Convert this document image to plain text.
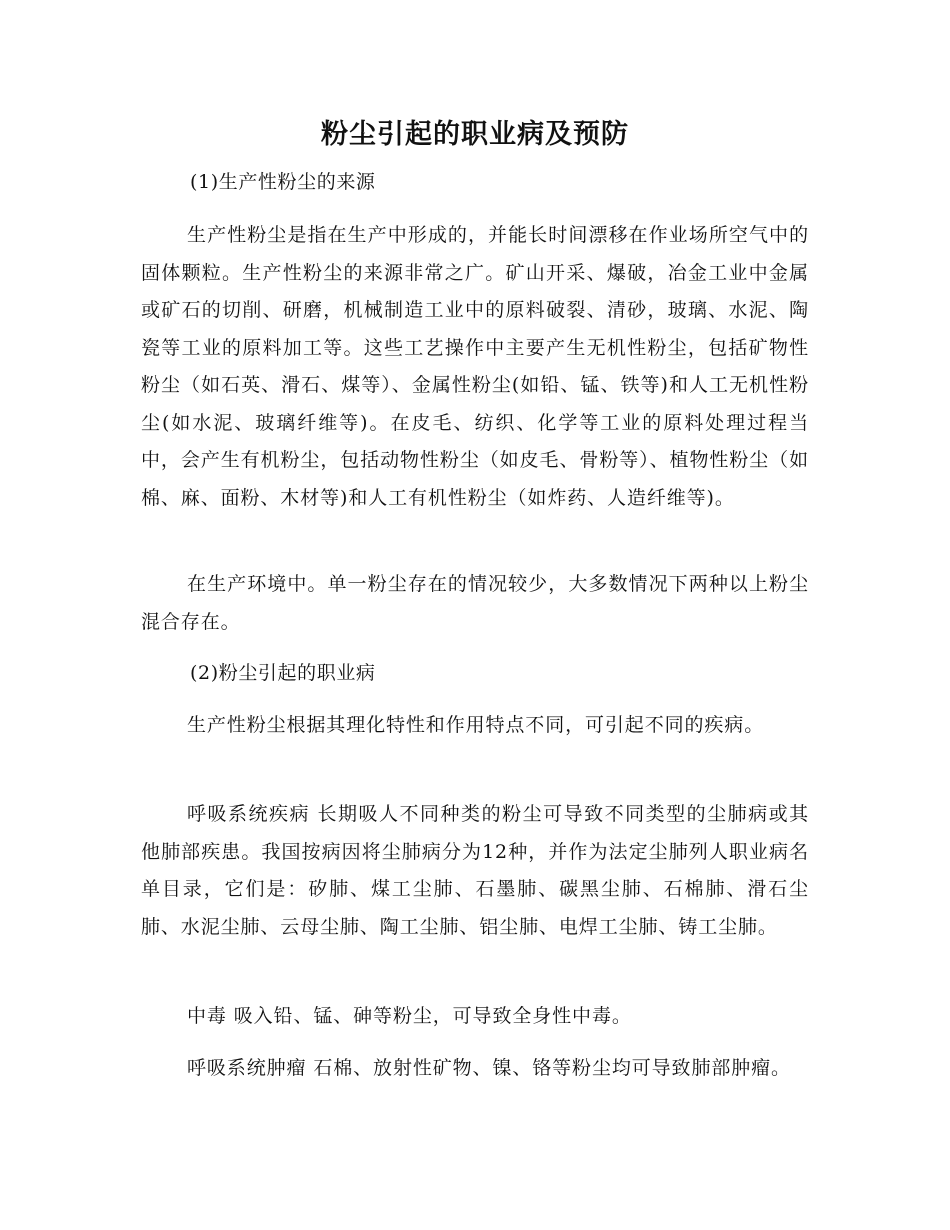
粉尘引起的职业病及预防

(1)生产性粉尘的来源

生产性粉尘是指在生产中形成的，并能长时间漂移在作业场所空气中的固体颗粒。生产性粉尘的来源非常之广。矿山开采、爆破，冶金工业中金属或矿石的切削、研磨，机械制造工业中的原料破裂、清砂，玻璃、水泥、陶瓷等工业的原料加工等。这些工艺操作中主要产生无机性粉尘，包括矿物性粉尘（如石英、滑石、煤等）、金属性粉尘(如铅、锰、铁等)和人工无机性粉尘(如水泥、玻璃纤维等)。在皮毛、纺织、化学等工业的原料处理过程当中，会产生有机粉尘，包括动物性粉尘（如皮毛、骨粉等）、植物性粉尘（如棉、麻、面粉、木材等)和人工有机性粉尘（如炸药、人造纤维等)。

在生产环境中。单一粉尘存在的情况较少，大多数情况下两种以上粉尘混合存在。

(2)粉尘引起的职业病

生产性粉尘根据其理化特性和作用特点不同，可引起不同的疾病。

呼吸系统疾病 长期吸人不同种类的粉尘可导致不同类型的尘肺病或其他肺部疾患。我国按病因将尘肺病分为12种，并作为法定尘肺列人职业病名单目录，它们是：矽肺、煤工尘肺、石墨肺、碳黑尘肺、石棉肺、滑石尘肺、水泥尘肺、云母尘肺、陶工尘肺、铝尘肺、电焊工尘肺、铸工尘肺。

中毒 吸入铅、锰、砷等粉尘，可导致全身性中毒。

呼吸系统肿瘤 石棉、放射性矿物、镍、铬等粉尘均可导致肺部肿瘤。
